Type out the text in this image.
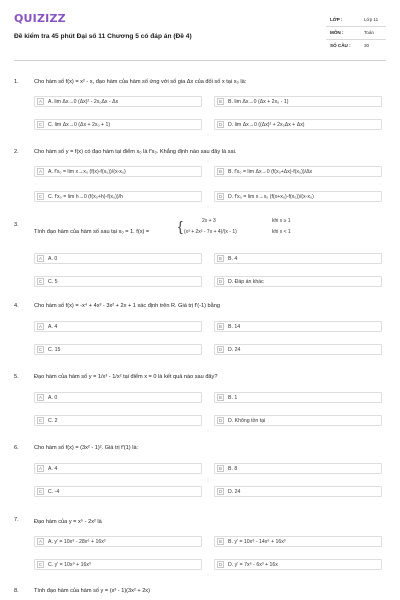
QUIZIZZ
Đề kiểm tra 45 phút Đại số 11 Chương 5 có đáp án (Đề 4)
LỚP :	Lớp 11
MÔN :	Toán
SỐ CÂU :	30
1.	Cho hàm số f(x) = x² - x, đạo hàm của hàm số ứng với số gia Δx của đối số x tại x₀ là:
A	A. lim Δx→0 (Δx)² - 2x₀Δx - Δx	B	B. lim Δx→0 (Δx + 2x₀ - 1)
C	C. lim Δx→0 (Δx + 2x₀ + 1)	D	D. lim Δx→0 ((Δx)² + 2x₀Δx + Δx)
2.	Cho hàm số y = f(x) có đạo hàm tại điểm x₀ là f'x₀. Khẳng định nào sau đây là sai.
A	A. f'x₀ = lim x→x₀ (f(x)-f(x₀))/(x-x₀)	B	B. f'x₀ = lim Δx→0 (f(x₀+Δx)-f(x₀))/Δx
C	C. f'x₀ = lim h→0 (f(x₀+h)-f(x₀))/h	D	D. f'x₀ = lim x→x₀ (f(x+x₀)-f(x₀))/(x-x₀)
3.
Tính đạo hàm của hàm số sau tại x₀ = 1. f(x) = {	2x + 3	khi x ≥ 1
(x³ + 2x² - 7x + 4)/(x - 1)	khi x < 1
A	A. 0	B	B. 4
C	C. 5	D	D. Đáp án khác
4.	Cho hàm số f(x) = -x⁴ + 4x³ - 3x² + 2x + 1 xác định trên R. Giá trị f'(-1) bằng
A	A. 4	B	B. 14
C	C. 15	D	D. 24
5.	Đạo hàm của hàm số y = 1/x³ - 1/x² tại điểm x = 0 là kết quả nào sau đây?
A	A. 0	B	B. 1
C	C. 2	D	D. Không tồn tại
6.	Cho hàm số f(x) = (3x² - 1)². Giá trị f'(1) là:
A	A. 4	B	B. 8
C	C. -4	D	D. 24
7.	Đạo hàm của y = x⁵ - 2x² là
A	A. y' = 10x⁹ - 28x⁶ + 16x³	B	B. y' = 10x⁹ - 14x⁶ + 16x³
C	C. y' = 10x⁹ + 16x³	D	D. y' = 7x⁶ - 6x³ + 16x
8.	Tính đạo hàm của hàm số y = (x³ - 1)(3x² + 2x)
